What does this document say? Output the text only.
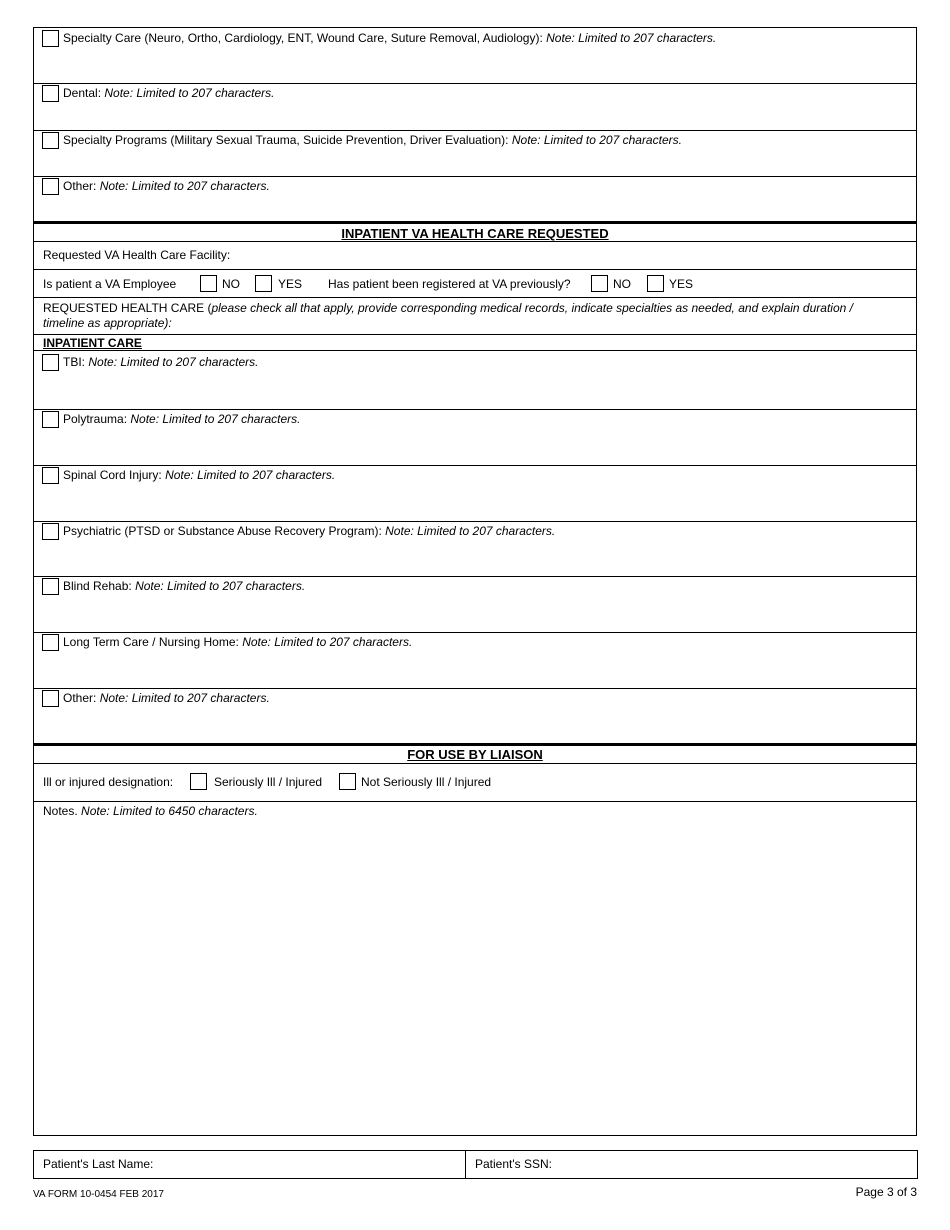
Specialty Care (Neuro, Ortho, Cardiology, ENT, Wound Care, Suture Removal, Audiology): Note: Limited to 207 characters.
Dental: Note: Limited to 207 characters.
Specialty Programs (Military Sexual Trauma, Suicide Prevention, Driver Evaluation): Note: Limited to 207 characters.
Other: Note: Limited to 207 characters.
INPATIENT VA HEALTH CARE REQUESTED
Requested VA Health Care Facility:
Is patient a VA Employee	NO	YES Has patient been registered at VA previously?	NO	YES
REQUESTED HEALTH CARE (please check all that apply, provide corresponding medical records, indicate specialties as needed, and explain duration /
timeline as appropriate):
INPATIENT CARE
TBI: Note: Limited to 207 characters.
Polytrauma: Note: Limited to 207 characters.
Spinal Cord Injury: Note: Limited to 207 characters.
Psychiatric (PTSD or Substance Abuse Recovery Program): Note: Limited to 207 characters.
Blind Rehab: Note: Limited to 207 characters.
Long Term Care / Nursing Home: Note: Limited to 207 characters.
Other: Note: Limited to 207 characters.
FOR USE BY LIAISON
Ill or injured designation:	Seriously Ill / Injured	Not Seriously Ill / Injured
Notes. Note: Limited to 6450 characters.
Patient's Last Name:	Patient's SSN:
VA FORM 10-0454 FEB 2017	Page 3 of 3
